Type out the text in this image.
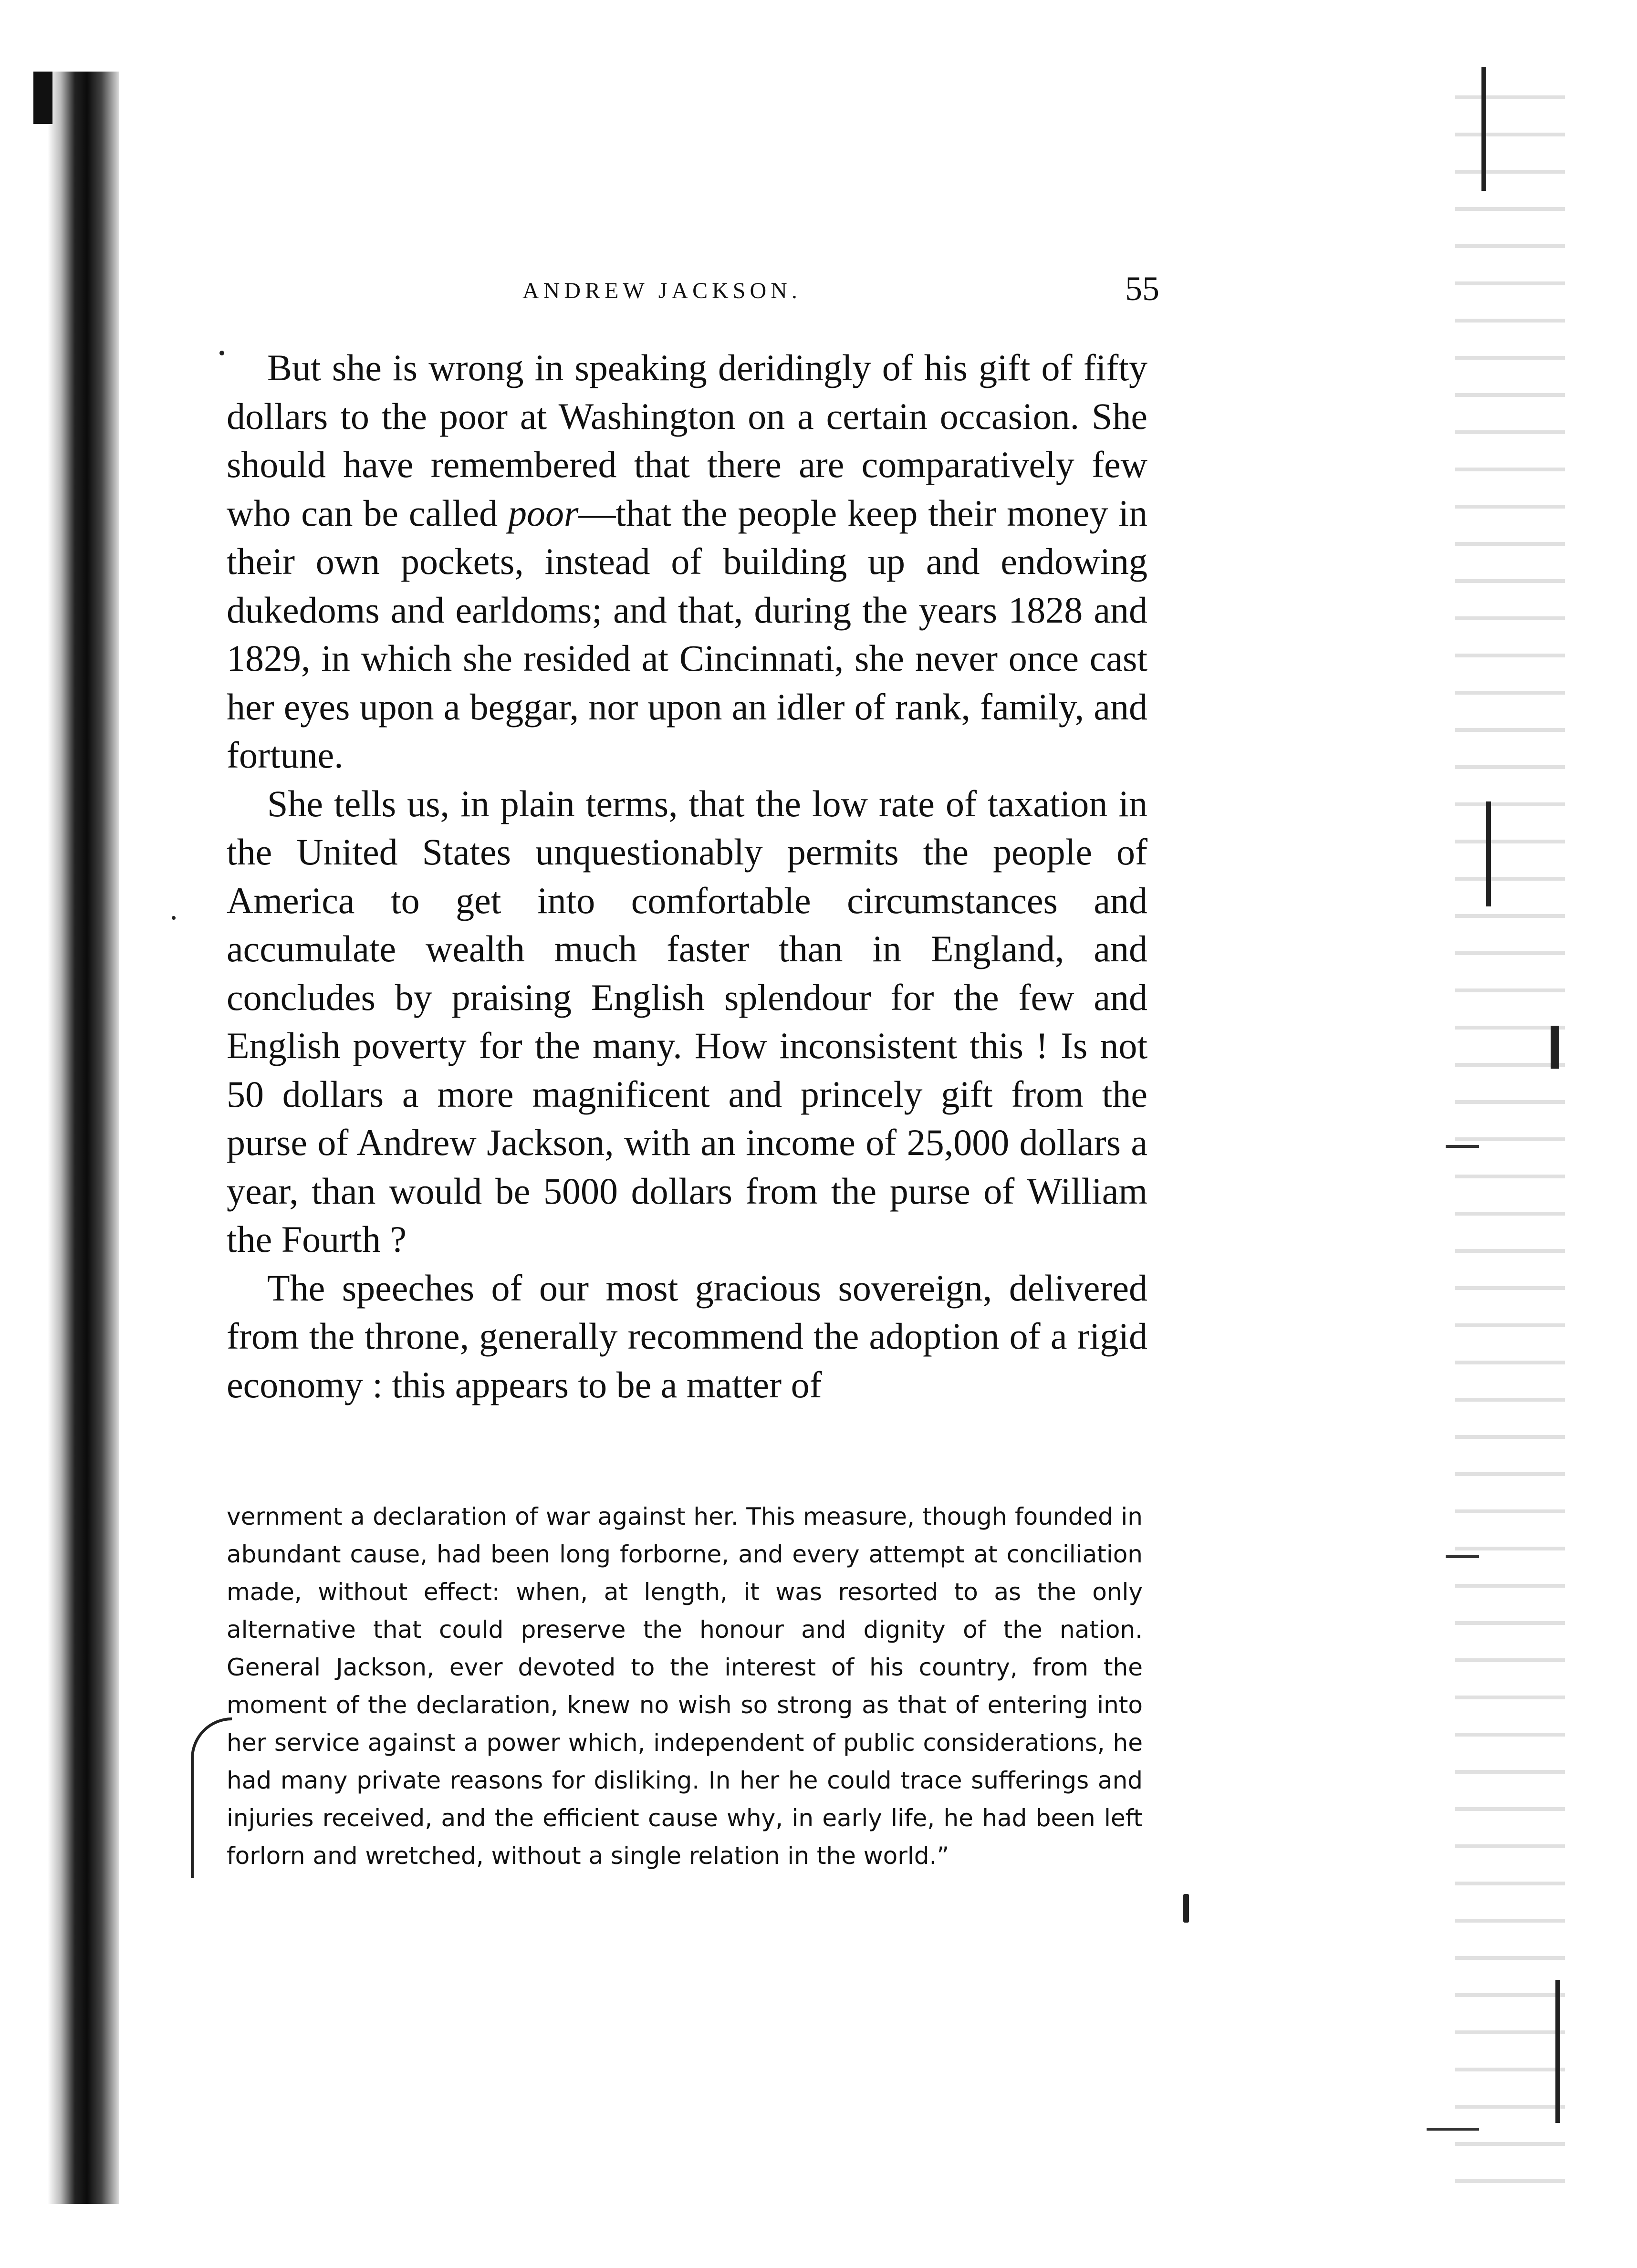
ANDREW JACKSON.	55

But she is wrong in speaking deridingly of his gift of fifty dollars to the poor at Washington on a certain occasion. She should have remembered that there are comparatively few who can be called poor—that the people keep their money in their own pockets, instead of building up and endowing dukedoms and earldoms; and that, during the years 1828 and 1829, in which she resided at Cincinnati, she never once cast her eyes upon a beggar, nor upon an idler of rank, family, and fortune.

She tells us, in plain terms, that the low rate of taxation in the United States unquestionably permits the people of America to get into comfortable circumstances and accumulate wealth much faster than in England, and concludes by praising English splendour for the few and English poverty for the many. How inconsistent this ! Is not 50 dollars a more magnificent and princely gift from the purse of Andrew Jackson, with an income of 25,000 dollars a year, than would be 5000 dollars from the purse of William the Fourth ?

The speeches of our most gracious sovereign, delivered from the throne, generally recommend the adoption of a rigid economy : this appears to be a matter of

vernment a declaration of war against her. This measure, though founded in abundant cause, had been long forborne, and every attempt at conciliation made, without effect: when, at length, it was resorted to as the only alternative that could preserve the honour and dignity of the nation. General Jackson, ever devoted to the interest of his country, from the moment of the declaration, knew no wish so strong as that of entering into her service against a power which, independent of public considerations, he had many private reasons for disliking. In her he could trace sufferings and injuries received, and the efficient cause why, in early life, he had been left forlorn and wretched, without a single relation in the world.”
